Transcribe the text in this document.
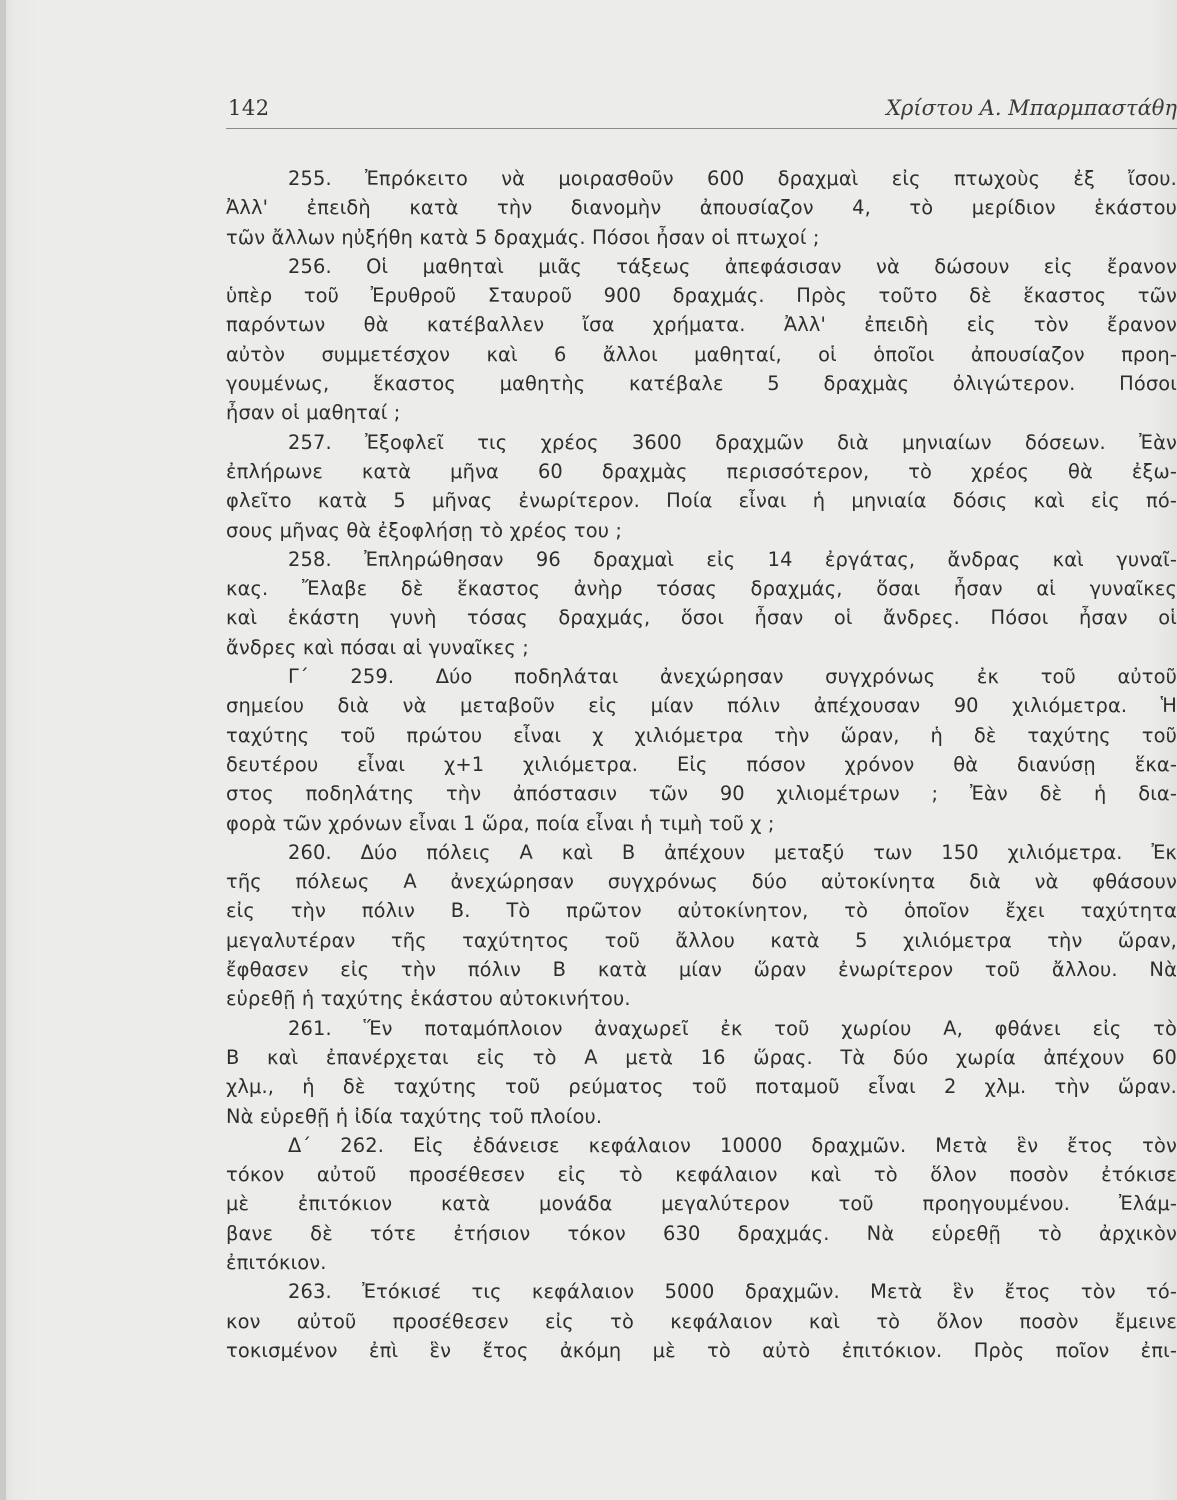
142	Χρίστου Α. Μπαρμπαστάθη
255. Ἐπρόκειτο νὰ μοιρασθοῦν 600 δραχμαὶ εἰς πτωχοὺς ἐξ ἴσου.
Ἀλλ' ἐπειδὴ κατὰ τὴν διανομὴν ἀπουσίαζον 4, τὸ μερίδιον ἑκάστου
τῶν ἄλλων ηὐξήθη κατὰ 5 δραχμάς. Πόσοι ἦσαν οἱ πτωχοί ;
256. Οἱ μαθηταὶ μιᾶς τάξεως ἀπεφάσισαν νὰ δώσουν εἰς ἔρανον
ὑπὲρ τοῦ Ἐρυθροῦ Σταυροῦ 900 δραχμάς. Πρὸς τοῦτο δὲ ἕκαστος τῶν
παρόντων θὰ κατέβαλλεν ἴσα χρήματα. Ἀλλ' ἐπειδὴ εἰς τὸν ἔρανον
αὐτὸν συμμετέσχον καὶ 6 ἄλλοι μαθηταί, οἱ ὁποῖοι ἀπουσίαζον προη-
γουμένως, ἕκαστος μαθητὴς κατέβαλε 5 δραχμὰς ὀλιγώτερον. Πόσοι
ἦσαν οἱ μαθηταί ;
257. Ἐξοφλεῖ τις χρέος 3600 δραχμῶν διὰ μηνιαίων δόσεων. Ἐὰν
ἐπλήρωνε κατὰ μῆνα 60 δραχμὰς περισσότερον, τὸ χρέος θὰ ἐξω-
φλεῖτο κατὰ 5 μῆνας ἐνωρίτερον. Ποία εἶναι ἡ μηνιαία δόσις καὶ εἰς πό-
σους μῆνας θὰ ἐξοφλήσῃ τὸ χρέος του ;
258. Ἐπληρώθησαν 96 δραχμαὶ εἰς 14 ἐργάτας, ἄνδρας καὶ γυναῖ-
κας. Ἔλαβε δὲ ἕκαστος ἀνὴρ τόσας δραχμάς, ὅσαι ἦσαν αἱ γυναῖκες
καὶ ἑκάστη γυνὴ τόσας δραχμάς, ὅσοι ἦσαν οἱ ἄνδρες. Πόσοι ἦσαν οἱ
ἄνδρες καὶ πόσαι αἱ γυναῖκες ;
Γ´ 259. Δύο ποδηλάται ἀνεχώρησαν συγχρόνως ἐκ τοῦ αὐτοῦ
σημείου διὰ νὰ μεταβοῦν εἰς μίαν πόλιν ἀπέχουσαν 90 χιλιόμετρα. Ἡ
ταχύτης τοῦ πρώτου εἶναι χ χιλιόμετρα τὴν ὥραν, ἡ δὲ ταχύτης τοῦ
δευτέρου εἶναι χ+1 χιλιόμετρα. Εἰς πόσον χρόνον θὰ διανύσῃ ἕκα-
στος ποδηλάτης τὴν ἀπόστασιν τῶν 90 χιλιομέτρων ; Ἐὰν δὲ ἡ δια-
φορὰ τῶν χρόνων εἶναι 1 ὥρα, ποία εἶναι ἡ τιμὴ τοῦ χ ;
260. Δύο πόλεις Α καὶ Β ἀπέχουν μεταξύ των 150 χιλιόμετρα. Ἐκ
τῆς πόλεως Α ἀνεχώρησαν συγχρόνως δύο αὐτοκίνητα διὰ νὰ φθάσουν
εἰς τὴν πόλιν Β. Τὸ πρῶτον αὐτοκίνητον, τὸ ὁποῖον ἔχει ταχύτητα
μεγαλυτέραν τῆς ταχύτητος τοῦ ἄλλου κατὰ 5 χιλιόμετρα τὴν ὥραν,
ἔφθασεν εἰς τὴν πόλιν Β κατὰ μίαν ὥραν ἐνωρίτερον τοῦ ἄλλου. Νὰ
εὑρεθῇ ἡ ταχύτης ἑκάστου αὐτοκινήτου.
261. Ἕν ποταμόπλοιον ἀναχωρεῖ ἐκ τοῦ χωρίου Α, φθάνει εἰς τὸ
Β καὶ ἐπανέρχεται εἰς τὸ Α μετὰ 16 ὥρας. Τὰ δύο χωρία ἀπέχουν 60
χλμ., ἡ δὲ ταχύτης τοῦ ρεύματος τοῦ ποταμοῦ εἶναι 2 χλμ. τὴν ὥραν.
Νὰ εὑρεθῇ ἡ ἰδία ταχύτης τοῦ πλοίου.
Δ´ 262. Εἰς ἐδάνεισε κεφάλαιον 10000 δραχμῶν. Μετὰ ἓν ἔτος τὸν
τόκον αὐτοῦ προσέθεσεν εἰς τὸ κεφάλαιον καὶ τὸ ὅλον ποσὸν ἐτόκισε
μὲ ἐπιτόκιον κατὰ μονάδα μεγαλύτερον τοῦ προηγουμένου. Ἐλάμ-
βανε δὲ τότε ἐτήσιον τόκον 630 δραχμάς. Νὰ εὑρεθῇ τὸ ἀρχικὸν
ἐπιτόκιον.
263. Ἐτόκισέ τις κεφάλαιον 5000 δραχμῶν. Μετὰ ἓν ἔτος τὸν τό-
κον αὐτοῦ προσέθεσεν εἰς τὸ κεφάλαιον καὶ τὸ ὅλον ποσὸν ἔμεινε
τοκισμένον ἐπὶ ἓν ἔτος ἀκόμη μὲ τὸ αὐτὸ ἐπιτόκιον. Πρὸς ποῖον ἐπι-
